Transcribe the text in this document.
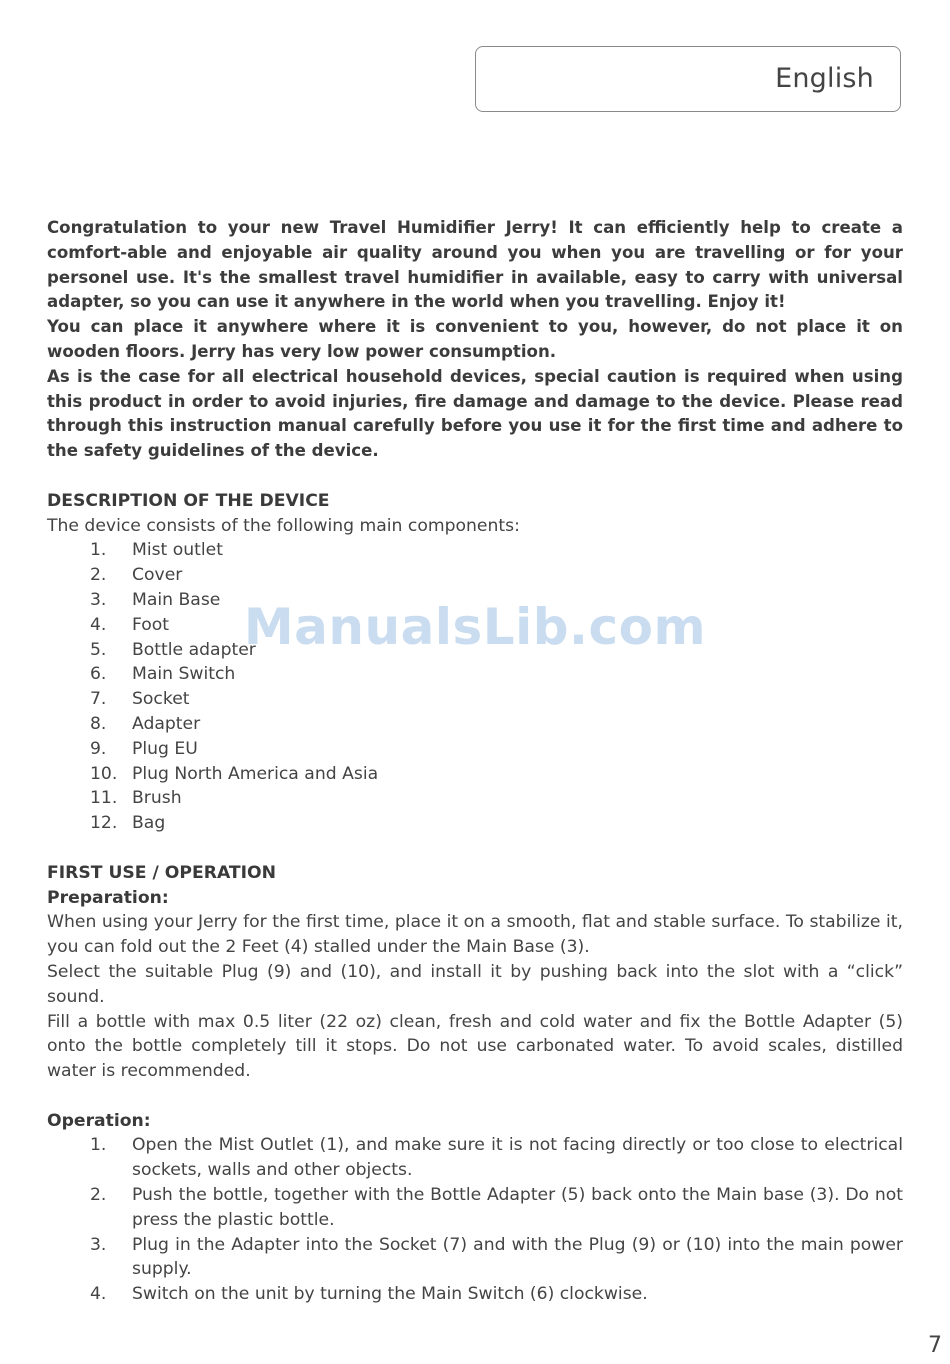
English

Congratulation to your new Travel Humidifier Jerry! It can efficiently help to create a comfort-able and enjoyable air quality around you when you are travelling or for your personel use. It's the smallest travel humidifier in available, easy to carry with universal adapter, so you can use it anywhere in the world when you travelling. Enjoy it!

You can place it anywhere where it is convenient to you, however, do not place it on wooden floors. Jerry has very low power consumption.

As is the case for all electrical household devices, special caution is required when using this product in order to avoid injuries, fire damage and damage to the device. Please read through this instruction manual carefully before you use it for the first time and adhere to the safety guidelines of the device.

DESCRIPTION OF THE DEVICE

The device consists of the following main components:

1.	Mist outlet
2.	Cover
3.	Main Base
4.	Foot
5.	Bottle adapter
6.	Main Switch
7.	Socket
8.	Adapter
9.	Plug EU
10. Plug North America and Asia
11. Brush
12. Bag

FIRST USE / OPERATION

Preparation:

When using your Jerry for the first time, place it on a smooth, flat and stable surface. To stabilize it, you can fold out the 2 Feet (4) stalled under the Main Base (3).

Select the suitable Plug (9) and (10), and install it by pushing back into the slot with a “click” sound.

Fill a bottle with max 0.5 liter (22 oz) clean, fresh and cold water and fix the Bottle Adapter (5) onto the bottle completely till it stops. Do not use carbonated water. To avoid scales, distilled water is recommended.

Operation:

1.	Open the Mist Outlet (1), and make sure it is not facing directly or too close to electrical sockets, walls and other objects.
2.	Push the bottle, together with the Bottle Adapter (5) back onto the Main base (3). Do not press the plastic bottle.
3.	Plug in the Adapter into the Socket (7) and with the Plug (9) or (10) into the main power supply.
4.	Switch on the unit by turning the Main Switch (6) clockwise.
ManualsLib.com
7
